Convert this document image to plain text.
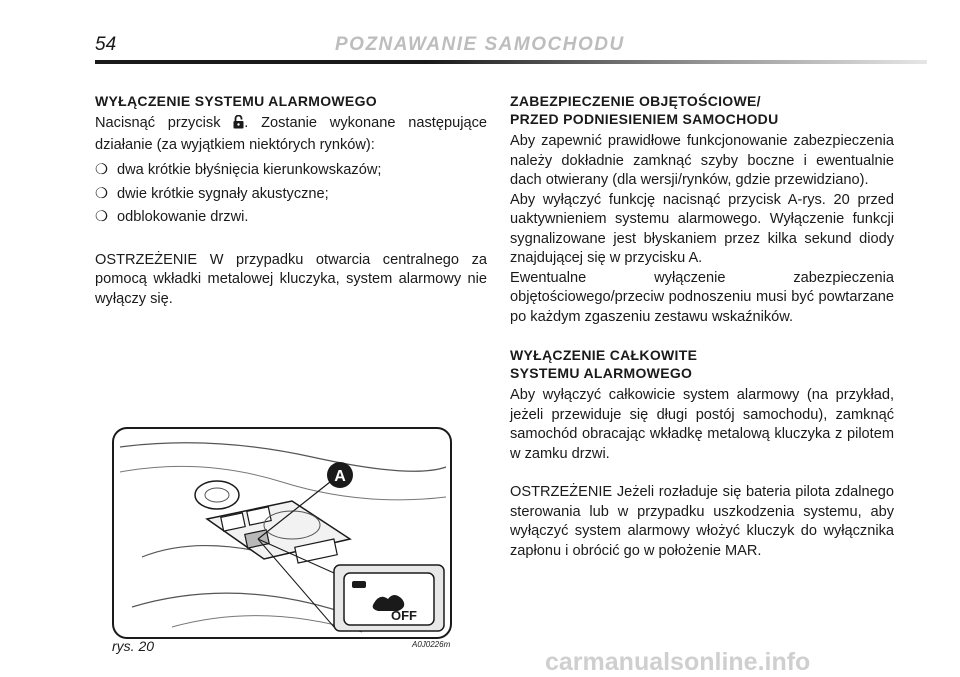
54	POZNAWANIE SAMOCHODU
WYŁĄCZENIE SYSTEMU ALARMOWEGO

Nacisnąć przycisk . Zostanie wykonane następujące działanie (za wyjątkiem niektórych rynków):

❍ dwa krótkie błyśnięcia kierunkowskazów;
❍ dwie krótkie sygnały akustyczne;
❍ odblokowanie drzwi.

OSTRZEŻENIE W przypadku otwarcia centralnego za pomocą wkładki metalowej kluczyka, system alarmowy nie wyłączy się.

ZABEZPIECZENIE OBJĘTOŚCIOWE/
PRZED PODNIESIENIEM SAMOCHODU

Aby zapewnić prawidłowe funkcjonowanie zabezpieczenia należy dokładnie zamknąć szyby boczne i ewentualnie dach otwierany (dla wersji/rynków, gdzie przewidziano).

Aby wyłączyć funkcję nacisnąć przycisk A-rys. 20 przed uaktywnieniem systemu alarmowego. Wyłączenie funkcji sygnalizowane jest błyskaniem przez kilka sekund diody znajdującej się w przycisku A.

Ewentualne wyłączenie zabezpieczenia objętościowego/przeciw podnoszeniu musi być powtarzane po każdym zgaszeniu zestawu wskaźników.

WYŁĄCZENIE CAŁKOWITE
SYSTEMU ALARMOWEGO

Aby wyłączyć całkowicie system alarmowy (na przykład, jeżeli przewiduje się długi postój samochodu), zamknąć samochód obracając wkładkę metalową kluczyka z pilotem w zamku drzwi.

OSTRZEŻENIE Jeżeli rozładuje się bateria pilota zdalnego sterowania lub w przypadku uszkodzenia systemu, aby wyłączyć system alarmowy włożyć kluczyk do wyłącznika zapłonu i obrócić go w położenie MAR.

A
OFF
rys. 20	A0J0226m
carmanualsonline.info
